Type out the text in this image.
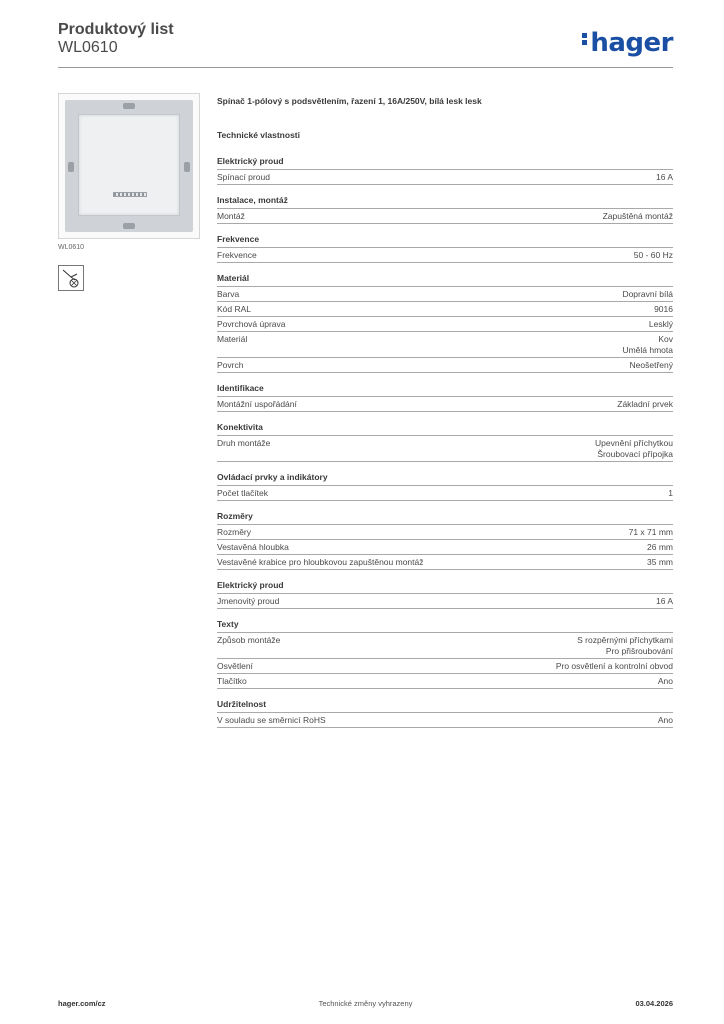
Produktový list
WL0610	hager
WL0610
Spínač 1-pólový s podsvětlením, řazení 1, 16A/250V, bílá lesk lesk
Technické vlastnosti
Elektrický proud
Spínací proud	16 A
Instalace, montáž
Montáž	Zapuštěná montáž
Frekvence
Frekvence	50 - 60 Hz
Materiál
Barva	Dopravní bílá
Kód RAL	9016
Povrchová úprava	Lesklý
Materiál	Kov
Umělá hmota
Povrch	Neošetřený
Identifikace
Montážní uspořádání	Základní prvek
Konektivita
Druh montáže	Upevnění příchytkou
Šroubovací přípojka
Ovládací prvky a indikátory
Počet tlačítek	1
Rozměry
Rozměry	71 x 71 mm
Vestavěná hloubka	26 mm
Vestavěné krabice pro hloubkovou zapuštěnou montáž	35 mm
Elektrický proud
Jmenovitý proud	16 A
Texty
Způsob montáže	S rozpěrnými příchytkami
Pro přišroubování
Osvětlení	Pro osvětlení a kontrolní obvod
Tlačítko	Ano
Udržitelnost
V souladu se směrnicí RoHS	Ano
hager.com/cz	Technické změny vyhrazeny	03.04.2026
